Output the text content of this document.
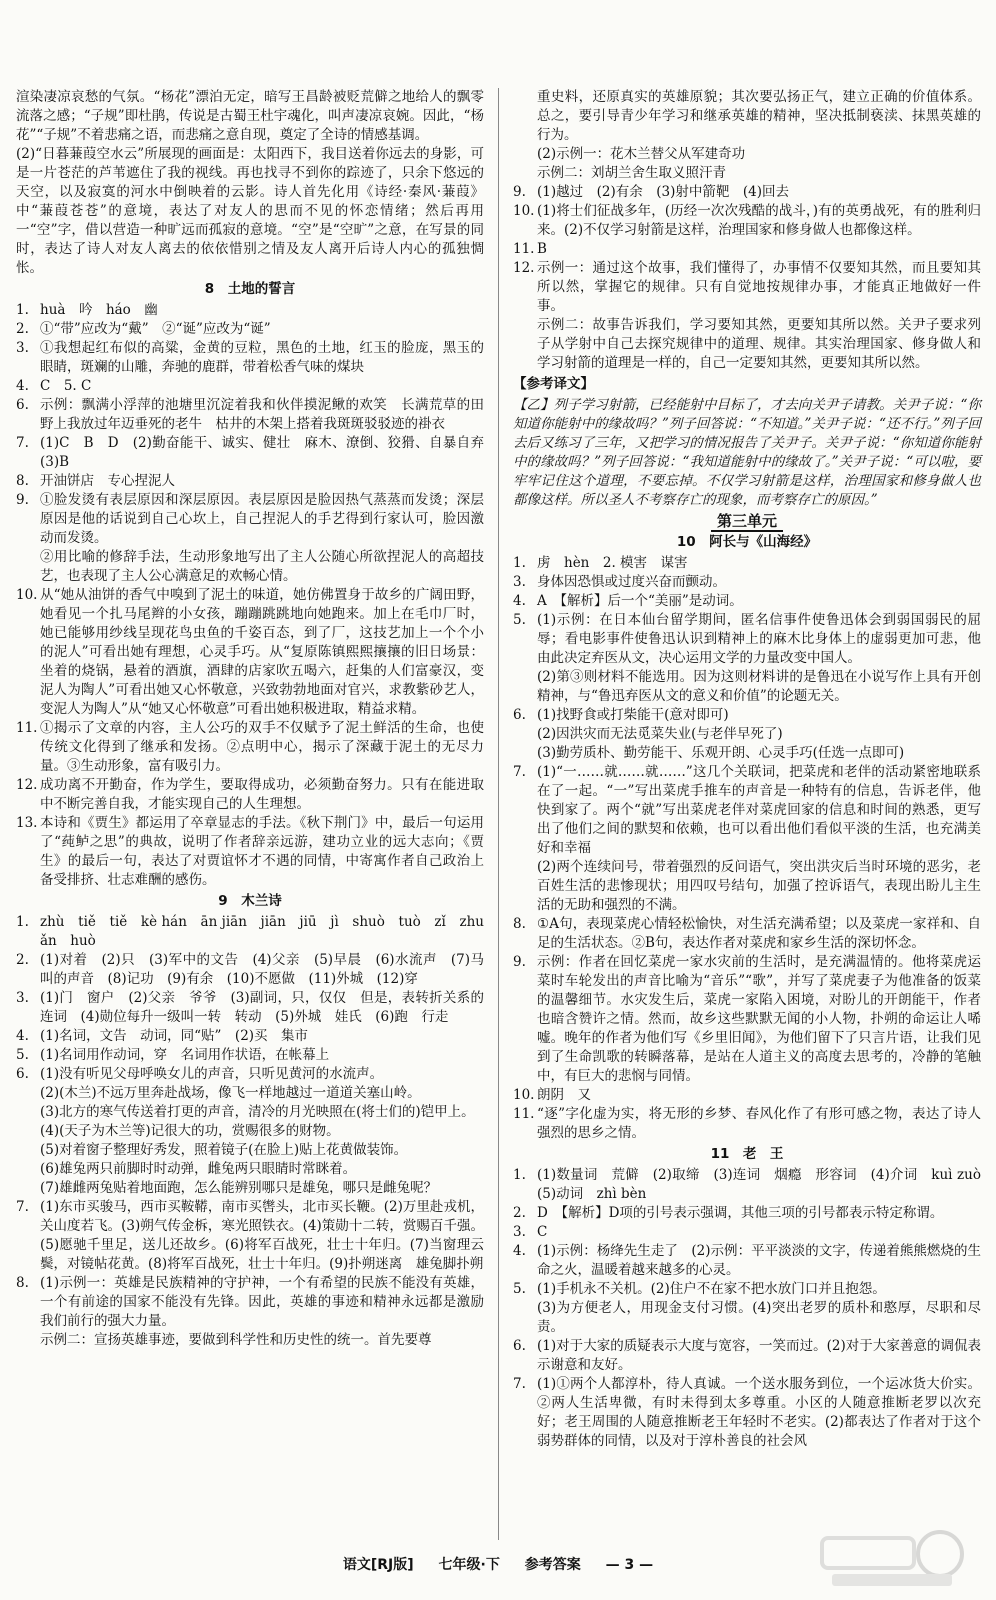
渲染凄凉哀愁的气氛。“杨花”漂泊无定，暗写王昌龄被贬荒僻之地给人的飘零流落之感；“子规”即杜鹃，传说是古蜀王杜宇魂化，叫声凄凉哀婉。因此，“杨花”“子规”不着悲痛之语，而悲痛之意自现，奠定了全诗的情感基调。
(2)“日暮蒹葭空水云”所展现的画面是：太阳西下，我目送着你远去的身影，可是一片苍茫的芦苇遮住了我的视线。再也找寻不到你的踪迹了，只余下悠远的天空，以及寂寞的河水中倒映着的云影。诗人首先化用《诗经·秦风·蒹葭》中“蒹葭苍苍”的意境，表达了对友人的思而不见的怀恋情绪；然后再用一“空”字，借以营造一种旷远而孤寂的意境。“空”是“空旷”之意，在写景的同时，表达了诗人对友人离去的依依惜别之情及友人离开后诗人内心的孤独惆怅。
8　土地的誓言
1. huà　吟　háo　幽
2. ①“带”应改为“戴”　②“诞”应改为“诞”
3. ①我想起红布似的高粱，金黄的豆粒，黑色的土地，红玉的脸庞，黑玉的眼睛，斑斓的山雕，奔驰的鹿群，带着松香气味的煤块
4. C　5. C
6. 示例：飘满小浮萍的池塘里沉淀着我和伙伴摸泥鳅的欢笑　长满荒草的田野上我放过年迈垂死的老牛　枯井的木架上搭着我斑斑驳驳迹的褂衣
7. (1)C　B　D　(2)勤奋能干、诚实、健壮　麻木、潦倒、狡猾、自暴自弃　(3)B
8. 开油饼店　专心捏泥人
9. ①脸发烫有表层原因和深层原因。表层原因是脸因热气蒸蒸而发烫；深层原因是他的话说到自己心坎上，自己捏泥人的手艺得到行家认可，脸因激动而发烫。
②用比喻的修辞手法，生动形象地写出了主人公随心所欲捏泥人的高超技艺，也表现了主人公心满意足的欢畅心情。
10. 从“她从油饼的香气中嗅到了泥土的味道，她仿佛置身于故乡的广阔田野，她看见一个扎马尾辫的小女孩，蹦蹦跳跳地向她跑来。加上在毛巾厂时，她已能够用纱线呈现花鸟虫鱼的千姿百态，到了厂，这技艺加上一个个小的泥人”可看出她有理想，心灵手巧。从“复原陈镇熙熙攘攘的旧日场景：坐着的烧锅，悬着的酒旗，酒肆的店家吹五喝六，赶集的人们富豪汉，变泥人为陶人”可看出她又心怀敬意，兴致勃勃地面对官兴，求教紫砂艺人，变泥人为陶人”从“她又心怀敬意”可看出她积极进取，精益求精。
11. ①揭示了文章的内容，主人公巧的双手不仅赋予了泥土鲜活的生命，也使传统文化得到了继承和发扬。②点明中心，揭示了深藏于泥土的无尽力量。③生动形象，富有吸引力。
12. 成功离不开勤奋，作为学生，要取得成功，必须勤奋努力。只有在能进取中不断完善自我，才能实现自己的人生理想。
13. 本诗和《贾生》都运用了卒章显志的手法。《秋下荆门》中，最后一句运用了“莼鲈之思”的典故，说明了作者辞亲远游，建功立业的远大志向；《贾生》的最后一句，表达了对贾谊怀才不遇的同情，中寄寓作者自己政治上备受排挤、壮志难酬的感伤。
9　木兰诗
1. zhù　tiě　tiě　kè hán　ān jiān　jiān　jiū　jì　shuò　tuò　zǐ　zhuǎn　huò
2. (1)对着　(2)只　(3)军中的文告　(4)父亲　(5)早晨　(6)水流声　(7)马叫的声音　(8)记功　(9)有余　(10)不愿做　(11)外城　(12)穿
3. (1)门　窗户　(2)父亲　爷爷　(3)副词，只，仅仅　但是，表转折关系的连词　(4)勋位每升一级叫一转　转动　(5)外城　娃氏　(6)跑　行走
4. (1)名词，文告　动词，同“贴”　(2)买　集市
5. (1)名词用作动词，穿　名词用作状语，在帐幕上
6. (1)没有听见父母呼唤女儿的声音，只听见黄河的水流声。
(2)(木兰)不远万里奔赴战场，像飞一样地越过一道道关塞山岭。
(3)北方的寒气传送着打更的声音，清冷的月光映照在(将士们的)铠甲上。
(4)(天子为木兰等)记很大的功，赏赐很多的财物。
(5)对着窗子整理好秀发，照着镜子(在脸上)贴上花黄做装饰。
(6)雄兔两只前脚时时动弹，雌兔两只眼睛时常眯着。
(7)雄雌两兔贴着地面跑，怎么能辨别哪只是雄兔，哪只是雌兔呢？
7. (1)东市买骏马，西市买鞍鞯，南市买辔头，北市买长鞭。(2)万里赴戎机，关山度若飞。(3)朔气传金柝，寒光照铁衣。(4)策勋十二转，赏赐百千强。(5)愿驰千里足，送儿还故乡。(6)将军百战死，壮士十年归。(7)当窗理云鬓，对镜帖花黄。(8)将军百战死，壮士十年归。(9)扑朔迷离　雄兔脚扑朔
8. (1)示例一：英雄是民族精神的守护神，一个有希望的民族不能没有英雄，一个有前途的国家不能没有先锋。因此，英雄的事迹和精神永远都是激励我们前行的强大力量。
示例二：宣扬英雄事迹，要做到科学性和历史性的统一。首先要尊
重史料，还原真实的英雄原貌；其次要弘扬正气，建立正确的价值体系。总之，要引导青少年学习和继承英雄的精神，坚决抵制亵渎、抹黑英雄的行为。
(2)示例一：花木兰替父从军建奇功
示例二：刘胡兰舍生取义照汗青
9. (1)越过　(2)有余　(3)射中箭靶　(4)回去
10. (1)将士们征战多年，(历经一次次残酷的战斗，)有的英勇战死，有的胜利归来。(2)不仅学习射箭是这样，治理国家和修身做人也都像这样。
11. B
12. 示例一：通过这个故事，我们懂得了，办事情不仅要知其然，而且要知其所以然，掌握它的规律。只有自觉地按规律办事，才能真正地做好一件事。
示例二：故事告诉我们，学习要知其然，更要知其所以然。关尹子要求列子从学射中自己去探究规律中的道理、规律。其实治理国家、修身做人和学习射箭的道理是一样的，自己一定要知其然，更要知其所以然。
【参考译文】
【乙】列子学习射箭，已经能射中目标了，才去向关尹子请教。关尹子说：“你知道你能射中的缘故吗？”列子回答说：“不知道。”关尹子说：“还不行。”列子回去后又练习了三年，又把学习的情况报告了关尹子。关尹子说：“你知道你能射中的缘故吗？”列子回答说：“我知道能射中的缘故了。”关尹子说：“可以啦，要牢牢记住这个道理，不要忘掉。不仅学习射箭是这样，治理国家和修身做人也都像这样。所以圣人不考察存亡的现象，而考察存亡的原因。”
第三单元
10　阿长与《山海经》
1. 虏　hèn　2. 模害　谋害
3. 身体因恐惧或过度兴奋而颤动。
4. A　【解析】后一个“美丽”是动词。
5. (1)示例：在日本仙台留学期间，匿名信事件使鲁迅体会到弱国弱民的屈辱；看电影事件使鲁迅认识到精神上的麻木比身体上的虚弱更加可悲，他由此决定弃医从文，决心运用文学的力量改变中国人。
(2)第③则材料不能选用。因为这则材料讲的是鲁迅在小说写作上具有开创精神，与“鲁迅弃医从文的意义和价值”的论题无关。
6. (1)找野食或打柴能干(意对即可)
(2)因洪灾而无法觅菜失业(与老伴早死了)
(3)勤劳质朴、勤劳能干、乐观开朗、心灵手巧(任选一点即可)
7. (1)“一……就……就……”这几个关联词，把菜虎和老伴的活动紧密地联系在了一起。“一”写出菜虎手推车的声音是一种特有的信息，告诉老伴，他快到家了。两个“就”写出菜虎老伴对菜虎回家的信息和时间的熟悉，更写出了他们之间的默契和依赖，也可以看出他们看似平淡的生活，也充满美好和幸福
(2)两个连续问号，带着强烈的反问语气，突出洪灾后当时环境的恶劣，老百姓生活的悲惨现状；用四叹号结句，加强了控诉语气，表现出盼儿主生活的无助和强烈的不满。
8. ①A句，表现菜虎心情轻松愉快，对生活充满希望；以及菜虎一家祥和、自足的生活状态。②B句，表达作者对菜虎和家乡生活的深切怀念。
9. 示例：作者在回忆菜虎一家水灾前的生活时，是充满温情的。他将菜虎运菜时车轮发出的声音比喻为“音乐”“歌”，并写了菜虎妻子为他准备的饭菜的温馨细节。水灾发生后，菜虎一家陷入困境，对盼儿的开朗能干，作者也暗含赞许之情。然而，故乡这些默默无闻的小人物，扑朔的命运让人唏嘘。晚年的作者为他们写《乡里旧闻》，为他们留下了只言片语，让我们见到了生命凯歌的转瞬落幕，是站在人道主义的高度去思考的，冷静的笔触中，有巨大的悲悯与同情。
10. 朗阴　又
11. “逐”字化虚为实，将无形的乡梦、春风化作了有形可感之物，表达了诗人强烈的思乡之情。
11　老　王
1. (1)数量词　荒僻　(2)取缔　(3)连词　烟瘾　形容词　(4)介词　kuì zuò　(5)动词　zhì bèn
2. D　【解析】D项的引号表示强调，其他三项的引号都表示特定称谓。
3. C
4. (1)示例：杨绛先生走了　(2)示例：平平淡淡的文字，传递着熊熊燃烧的生命之火，温暖着越来越多的心灵。
5. (1)手机永不关机。(2)住户不在家不把水放门口并且抱怨。
(3)为方便老人，用现金支付习惯。(4)突出老罗的质朴和憨厚，尽职和尽责。
6. (1)对于大家的质疑表示大度与宽容，一笑而过。(2)对于大家善意的调侃表示谢意和友好。
7. (1)①两个人都淳朴，待人真诚。一个送水服务到位，一个运冰货大价实。②两人生活卑微，有时未得到太多尊重。小区的人随意推断老罗以次充好；老王周围的人随意推断老王年轻时不老实。(2)都表达了作者对于这个弱势群体的同情，以及对于淳朴善良的社会风
语文[RJ版] 七年级·下 参考答案 — 3 —
